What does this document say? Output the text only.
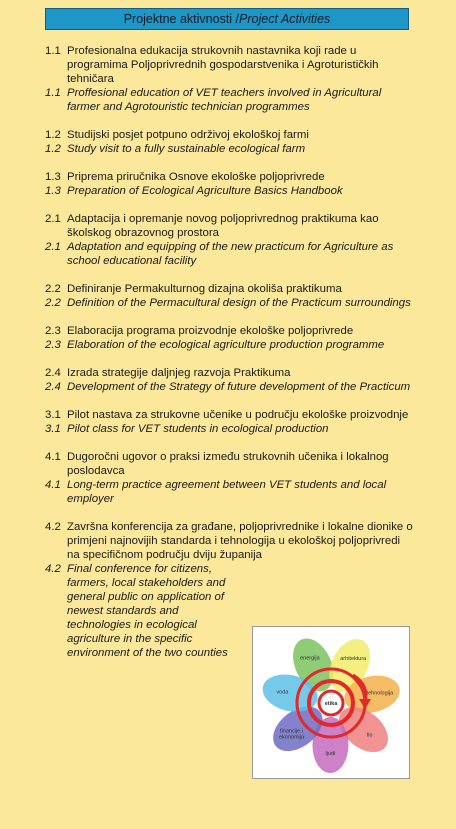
Projektne aktivnosti / Project Activities
1.1 Profesionalna edukacija strukovnih nastavnika koji rade u programima Poljoprivrednih gospodarstvenika i Agroturističkih tehničara
1.1 Proffesional education of VET teachers involved in Agricultural farmer and Agrotouristic technician programmes
1.2 Studijski posjet potpuno održivoj ekološkoj farmi
1.2 Study visit to a fully sustainable ecological farm
1.3 Priprema priručnika Osnove ekološke poljoprivrede
1.3 Preparation of Ecological Agriculture Basics Handbook
2.1 Adaptacija i opremanje novog poljoprivrednog praktikuma kao školskog obrazovnog prostora
2.1 Adaptation and equipping of the new practicum for Agriculture as school educational facility
2.2 Definiranje Permakulturnog dizajna okoliša praktikuma
2.2 Definition of the Permacultural design of the Practicum surroundings
2.3 Elaboracija programa proizvodnje ekološke poljoprivrede
2.3 Elaboration of the ecological agriculture production programme
2.4 Izrada strategije daljnjeg razvoja Praktikuma
2.4 Development of the Strategy of future development of the Practicum
3.1 Pilot nastava za strukovne učenike u području ekološke proizvodnje
3.1 Pilot class for VET students in ecological production
4.1 Dugoročni ugovor o praksi između strukovnih učenika i lokalnog poslodavca
4.1 Long-term practice agreement between VET students and local employer
4.2 Završna konferencija za građane, poljoprivrednike i lokalne dionike o primjeni najnovijih standarda i tehnologija u ekološkoj poljoprivredi na specifičnom području dviju županija
4.2 Final conference for citizens, farmers, local stakeholders and general public on application of newest standards and technologies in ecological agriculture in the specific environment of the two counties
etika
energija	arhitektura
tehnologija
tlo
ljudi
financije i ekonomija
voda
